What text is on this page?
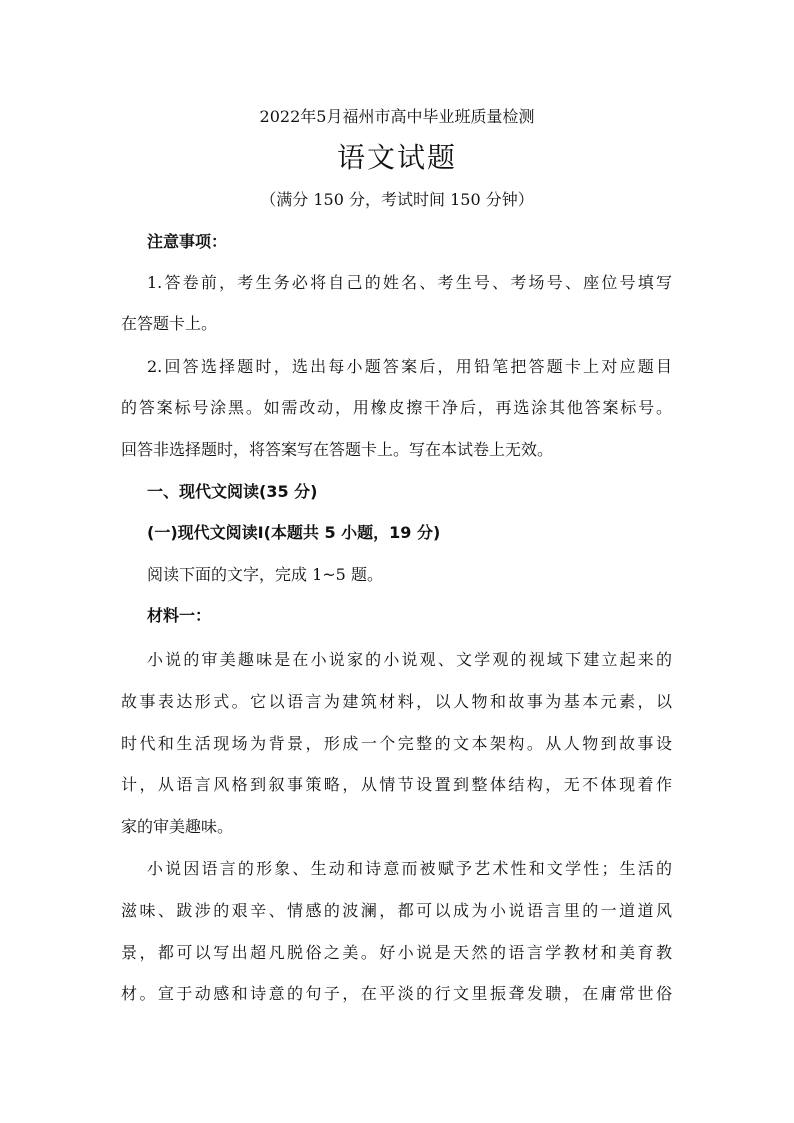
2022年5月福州市高中毕业班质量检测
语文试题
（满分 150 分，考试时间 150 分钟）
注意事项：
1.答卷前，考生务必将自己的姓名、考生号、考场号、座位号填写
在答题卡上。
2.回答选择题时，选出每小题答案后，用铅笔把答题卡上对应题目
的答案标号涂黑。如需改动，用橡皮擦干净后，再选涂其他答案标号。
回答非选择题时，将答案写在答题卡上。写在本试卷上无效。
一、现代文阅读(35 分)
(一)现代文阅读Ⅰ(本题共 5 小题，19 分)
阅读下面的文字，完成 1~5 题。
材料一：
小说的审美趣味是在小说家的小说观、文学观的视域下建立起来的
故事表达形式。它以语言为建筑材料，以人物和故事为基本元素，以
时代和生活现场为背景，形成一个完整的文本架构。从人物到故事设
计，从语言风格到叙事策略，从情节设置到整体结构，无不体现着作
家的审美趣味。
小说因语言的形象、生动和诗意而被赋予艺术性和文学性；生活的
滋味、跋涉的艰辛、情感的波澜，都可以成为小说语言里的一道道风
景，都可以写出超凡脱俗之美。好小说是天然的语言学教材和美育教
材。宣于动感和诗意的句子，在平淡的行文里振聋发聩，在庸常世俗
